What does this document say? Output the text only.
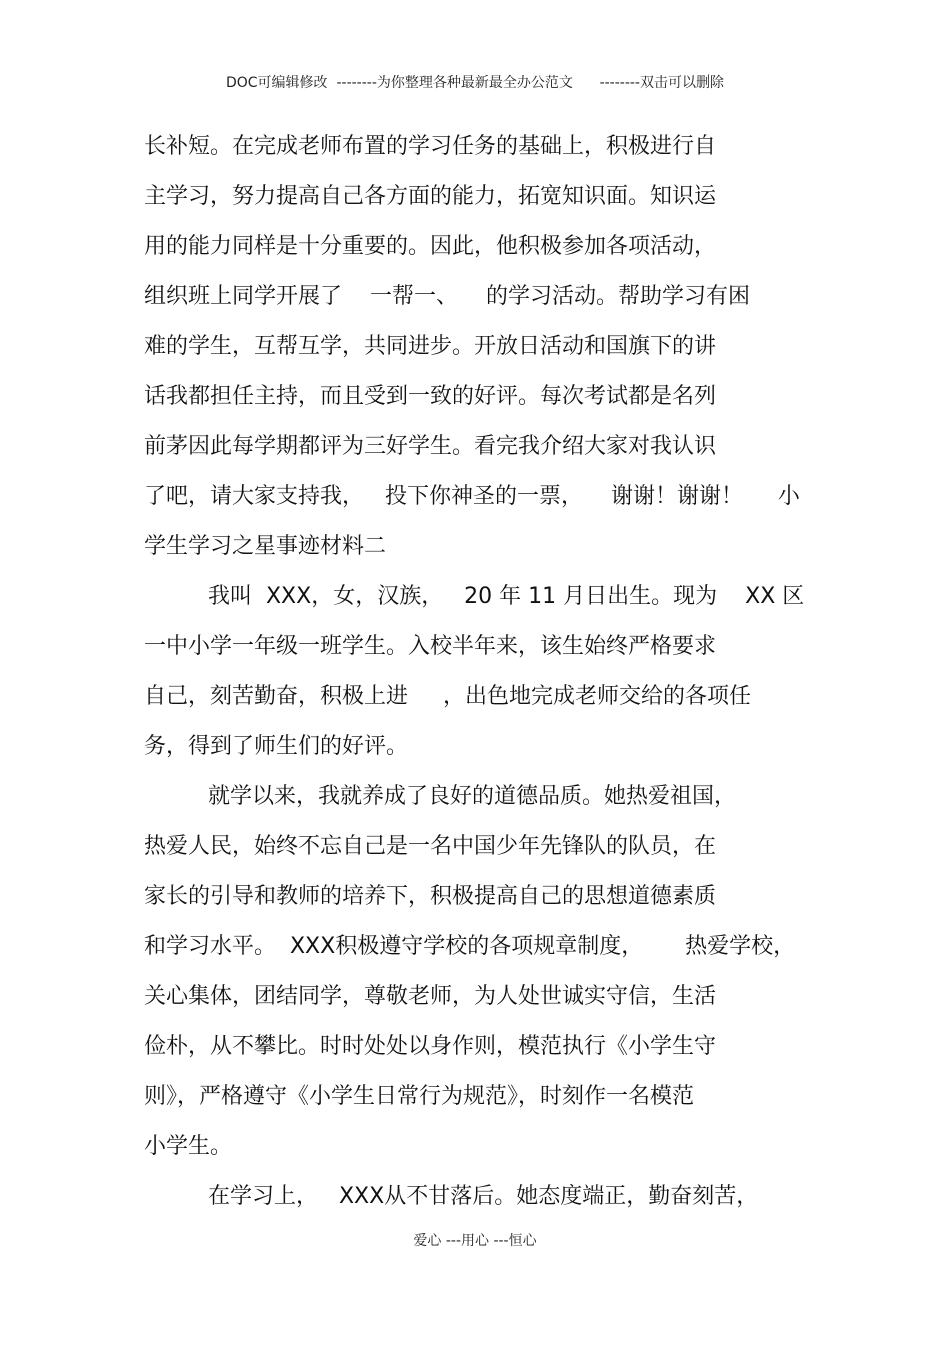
DOC可编辑修改  --------为你整理各种最新最全办公范文      --------双击可以删除
长补短。在完成老师布置的学习任务的基础上，积极进行自
主学习，努力提高自己各方面的能力，拓宽知识面。知识运
用的能力同样是十分重要的。因此，他积极参加各项活动，
组织班上同学开展了    一帮一、    的学习活动。帮助学习有困
难的学生，互帮互学，共同进步。开放日活动和国旗下的讲
话我都担任主持，而且受到一致的好评。每次考试都是名列
前茅因此每学期都评为三好学生。看完我介绍大家对我认识
了吧，请大家支持我，   投下你神圣的一票，    谢谢！谢谢！     小
学生学习之星事迹材料二
我叫  XXX，女，汉族，   20 年 11 月日出生。现为    XX 区
一中小学一年级一班学生。入校半年来，该生始终严格要求
自己，刻苦勤奋，积极上进     ，出色地完成老师交给的各项任
务，得到了师生们的好评。
就学以来，我就养成了良好的道德品质。她热爱祖国，
热爱人民，始终不忘自己是一名中国少年先锋队的队员，在
家长的引导和教师的培养下，积极提高自己的思想道德素质
和学习水平。  XXX积极遵守学校的各项规章制度，      热爱学校，
关心集体，团结同学，尊敬老师，为人处世诚实守信，生活
俭朴，从不攀比。时时处处以身作则，模范执行《小学生守
则》，严格遵守《小学生日常行为规范》，时刻作一名模范
小学生。
在学习上，   XXX从不甘落后。她态度端正，勤奋刻苦，
爱心 ---用心 ---恒心
